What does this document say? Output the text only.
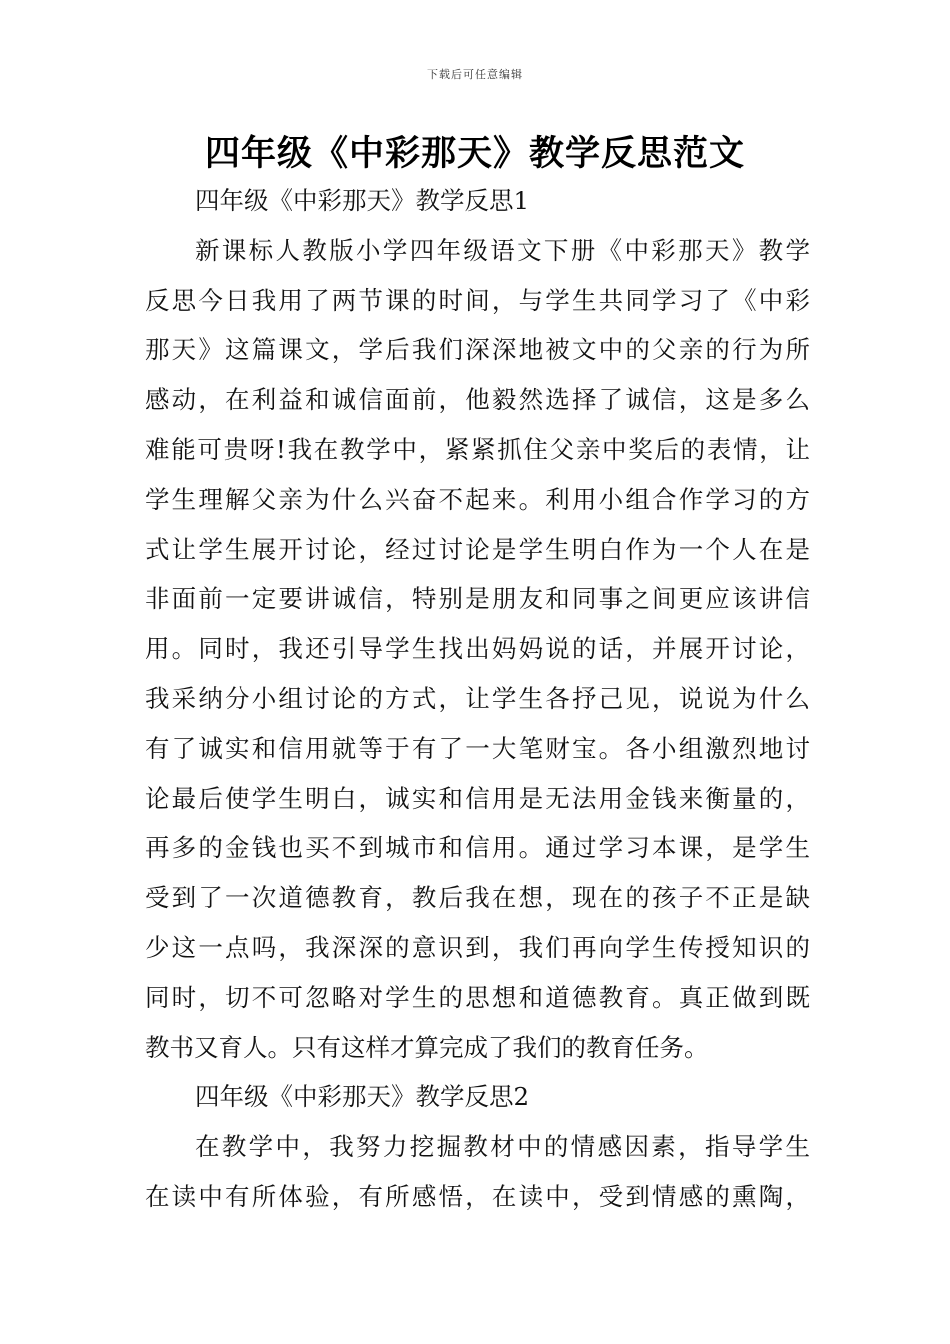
下载后可任意编辑
四年级《中彩那天》教学反思范文
四年级《中彩那天》教学反思1
新课标人教版小学四年级语文下册《中彩那天》教学
反思今日我用了两节课的时间，与学生共同学习了《中彩
那天》这篇课文，学后我们深深地被文中的父亲的行为所
感动，在利益和诚信面前，他毅然选择了诚信，这是多么
难能可贵呀!我在教学中，紧紧抓住父亲中奖后的表情，让
学生理解父亲为什么兴奋不起来。利用小组合作学习的方
式让学生展开讨论，经过讨论是学生明白作为一个人在是
非面前一定要讲诚信，特别是朋友和同事之间更应该讲信
用。同时，我还引导学生找出妈妈说的话，并展开讨论，
我采纳分小组讨论的方式，让学生各抒己见，说说为什么
有了诚实和信用就等于有了一大笔财宝。各小组激烈地讨
论最后使学生明白，诚实和信用是无法用金钱来衡量的，
再多的金钱也买不到城市和信用。通过学习本课，是学生
受到了一次道德教育，教后我在想，现在的孩子不正是缺
少这一点吗，我深深的意识到，我们再向学生传授知识的
同时，切不可忽略对学生的思想和道德教育。真正做到既
教书又育人。只有这样才算完成了我们的教育任务。
四年级《中彩那天》教学反思2
在教学中，我努力挖掘教材中的情感因素，指导学生
在读中有所体验，有所感悟，在读中，受到情感的熏陶，
